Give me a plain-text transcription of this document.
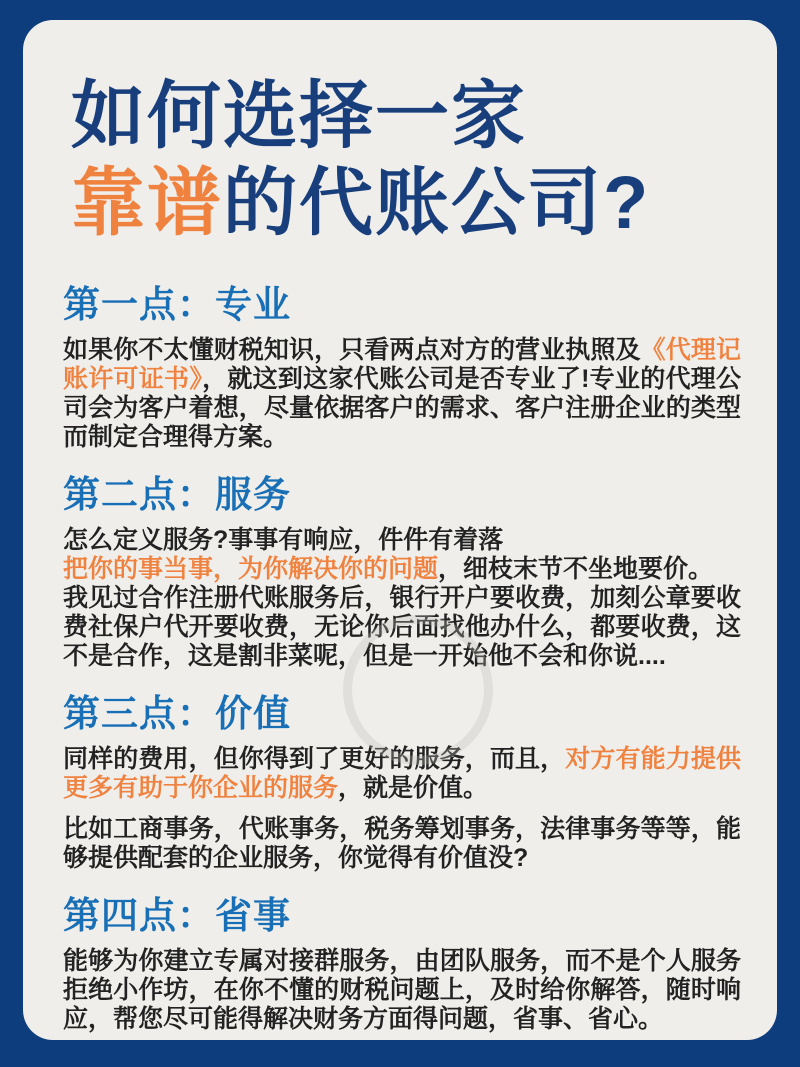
如何选择一家
靠谱的代账公司?
第一点：专业

如果你不太懂财税知识，只看两点对方的营业执照及《代理记账许可证书》，就这到这家代账公司是否专业了!专业的代理公司会为客户着想，尽量依据客户的需求、客户注册企业的类型而制定合理得方案。

第二点：服务

怎么定义服务?事事有响应，件件有着落

把你的事当事，为你解决你的问题，细枝末节不坐地要价。

我见过合作注册代账服务后，银行开户要收费，加刻公章要收费社保户代开要收费，无论你后面找他办什么，都要收费，这不是合作，这是割非菜呢，但是一开始他不会和你说....

第三点：价值

同样的费用，但你得到了更好的服务，而且，对方有能力提供更多有助于你企业的服务，就是价值。

比如工商事务，代账事务，税务筹划事务，法律事务等等，能够提供配套的企业服务，你觉得有价值没?

第四点：省事

能够为你建立专属对接群服务，由团队服务，而不是个人服务拒绝小作坊，在你不懂的财税问题上，及时给你解答，随时响应，帮您尽可能得解决财务方面得问题，省事、省心。
